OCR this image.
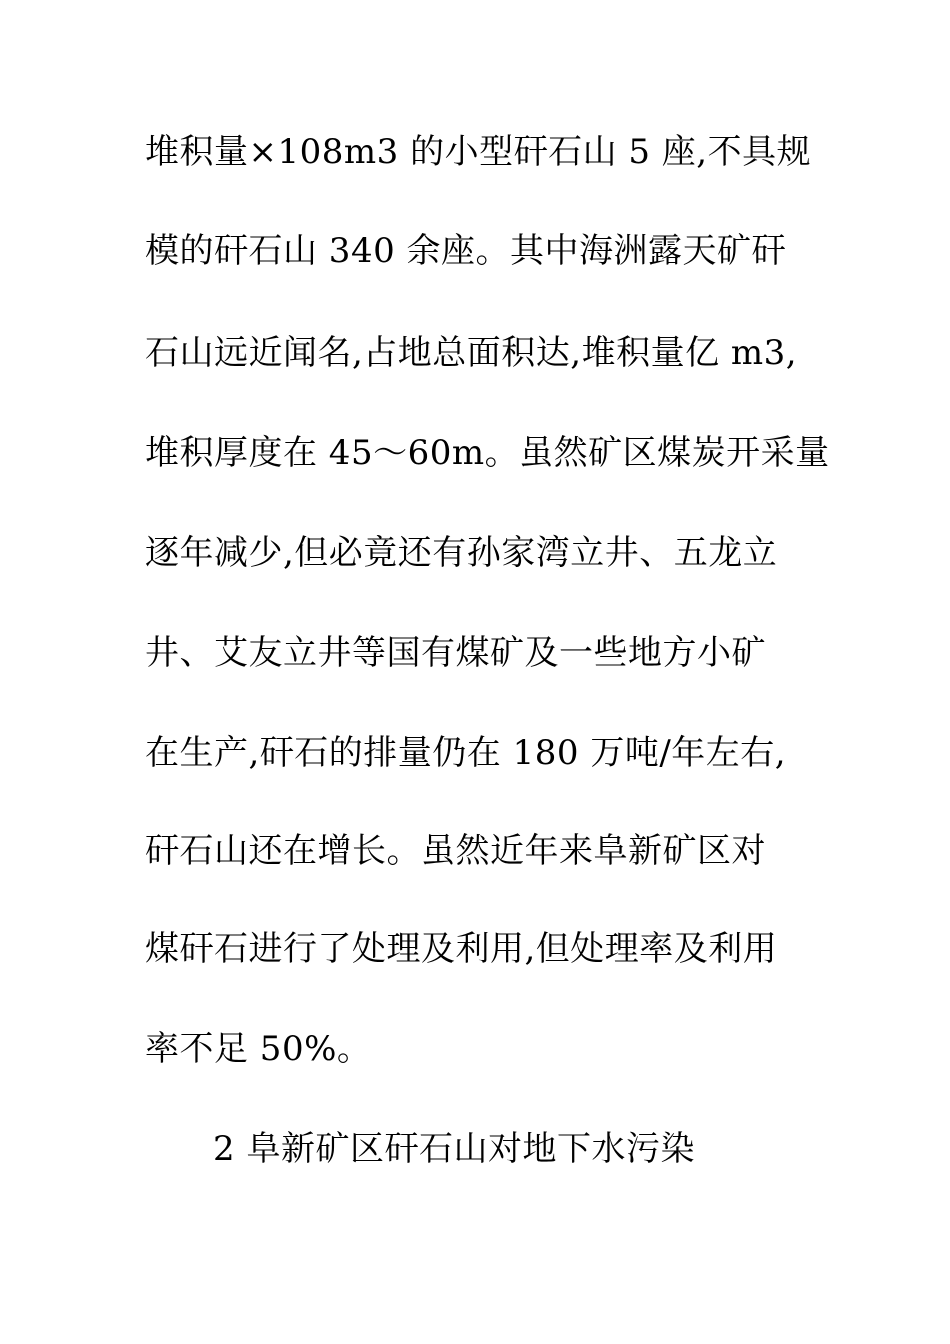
堆积量×108m3 的小型矸石山 5 座,不具规
模的矸石山 340 余座。其中海洲露天矿矸
石山远近闻名,占地总面积达,堆积量亿 m3,
堆积厚度在 45～60m。虽然矿区煤炭开采量
逐年减少,但必竟还有孙家湾立井、五龙立
井、艾友立井等国有煤矿及一些地方小矿
在生产,矸石的排量仍在 180 万吨/年左右,
矸石山还在增长。虽然近年来阜新矿区对
煤矸石进行了处理及利用,但处理率及利用
率不足 50%。
2 阜新矿区矸石山对地下水污染
